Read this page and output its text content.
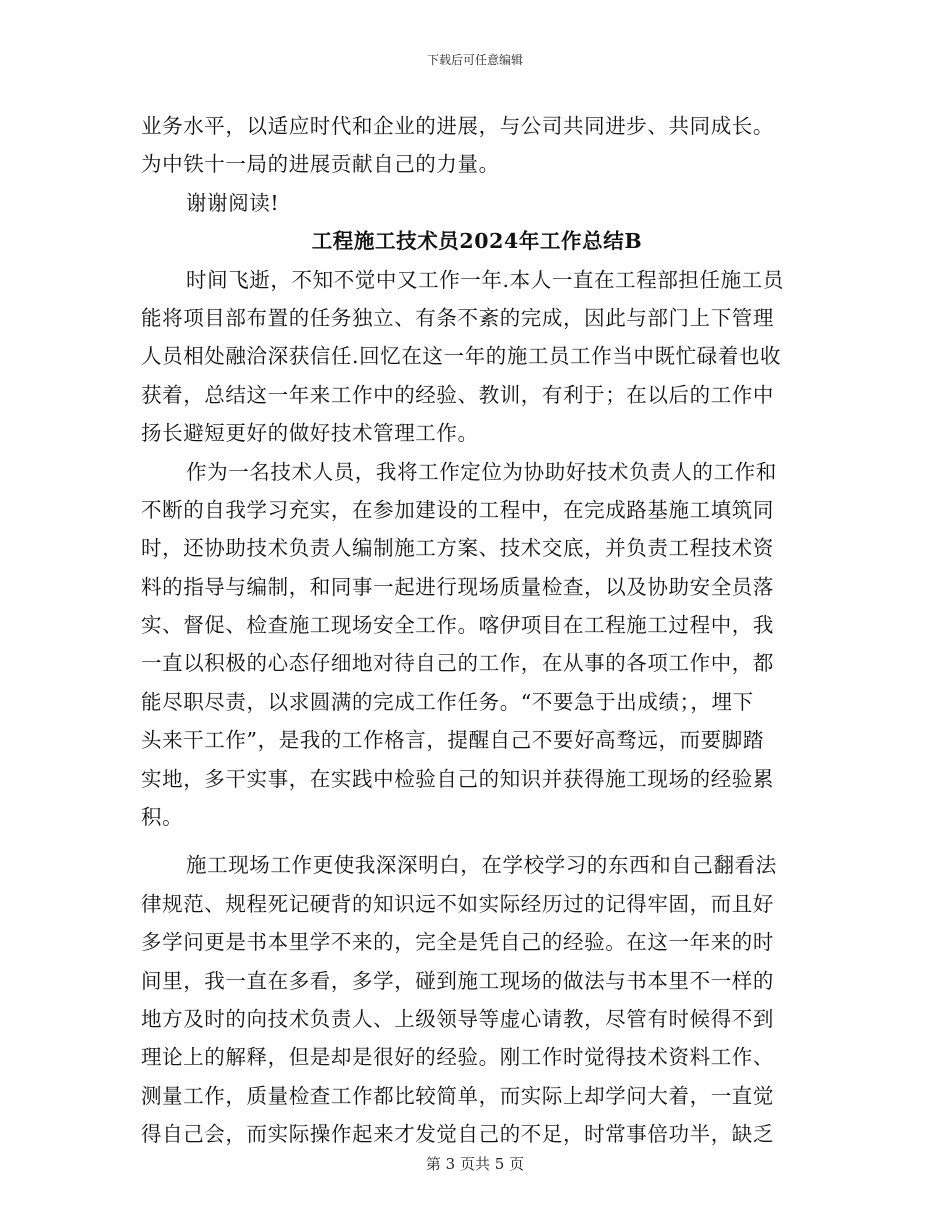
下载后可任意编辑
业务水平，以适应时代和企业的进展，与公司共同进步、共同成长。
为中铁十一局的进展贡献自己的力量。
谢谢阅读!
工程施工技术员2024年工作总结B
时间飞逝，不知不觉中又工作一年.本人一直在工程部担任施工员
能将项目部布置的任务独立、有条不紊的完成，因此与部门上下管理
人员相处融洽深获信任.回忆在这一年的施工员工作当中既忙碌着也收
获着，总结这一年来工作中的经验、教训，有利于；在以后的工作中
扬长避短更好的做好技术管理工作。
作为一名技术人员，我将工作定位为协助好技术负责人的工作和
不断的自我学习充实，在参加建设的工程中，在完成路基施工填筑同
时，还协助技术负责人编制施工方案、技术交底，并负责工程技术资
料的指导与编制，和同事一起进行现场质量检查，以及协助安全员落
实、督促、检查施工现场安全工作。喀伊项目在工程施工过程中，我
一直以积极的心态仔细地对待自己的工作，在从事的各项工作中，都
能尽职尽责，以求圆满的完成工作任务。“不要急于出成绩；，埋下
头来干工作”，是我的工作格言，提醒自己不要好高骛远，而要脚踏
实地，多干实事，在实践中检验自己的知识并获得施工现场的经验累
积。
施工现场工作更使我深深明白，在学校学习的东西和自己翻看法
律规范、规程死记硬背的知识远不如实际经历过的记得牢固，而且好
多学问更是书本里学不来的，完全是凭自己的经验。在这一年来的时
间里，我一直在多看，多学，碰到施工现场的做法与书本里不一样的
地方及时的向技术负责人、上级领导等虚心请教，尽管有时候得不到
理论上的解释，但是却是很好的经验。刚工作时觉得技术资料工作、
测量工作，质量检查工作都比较简单，而实际上却学问大着，一直觉
得自己会，而实际操作起来才发觉自己的不足，时常事倍功半，缺乏
第 3 页共 5 页
